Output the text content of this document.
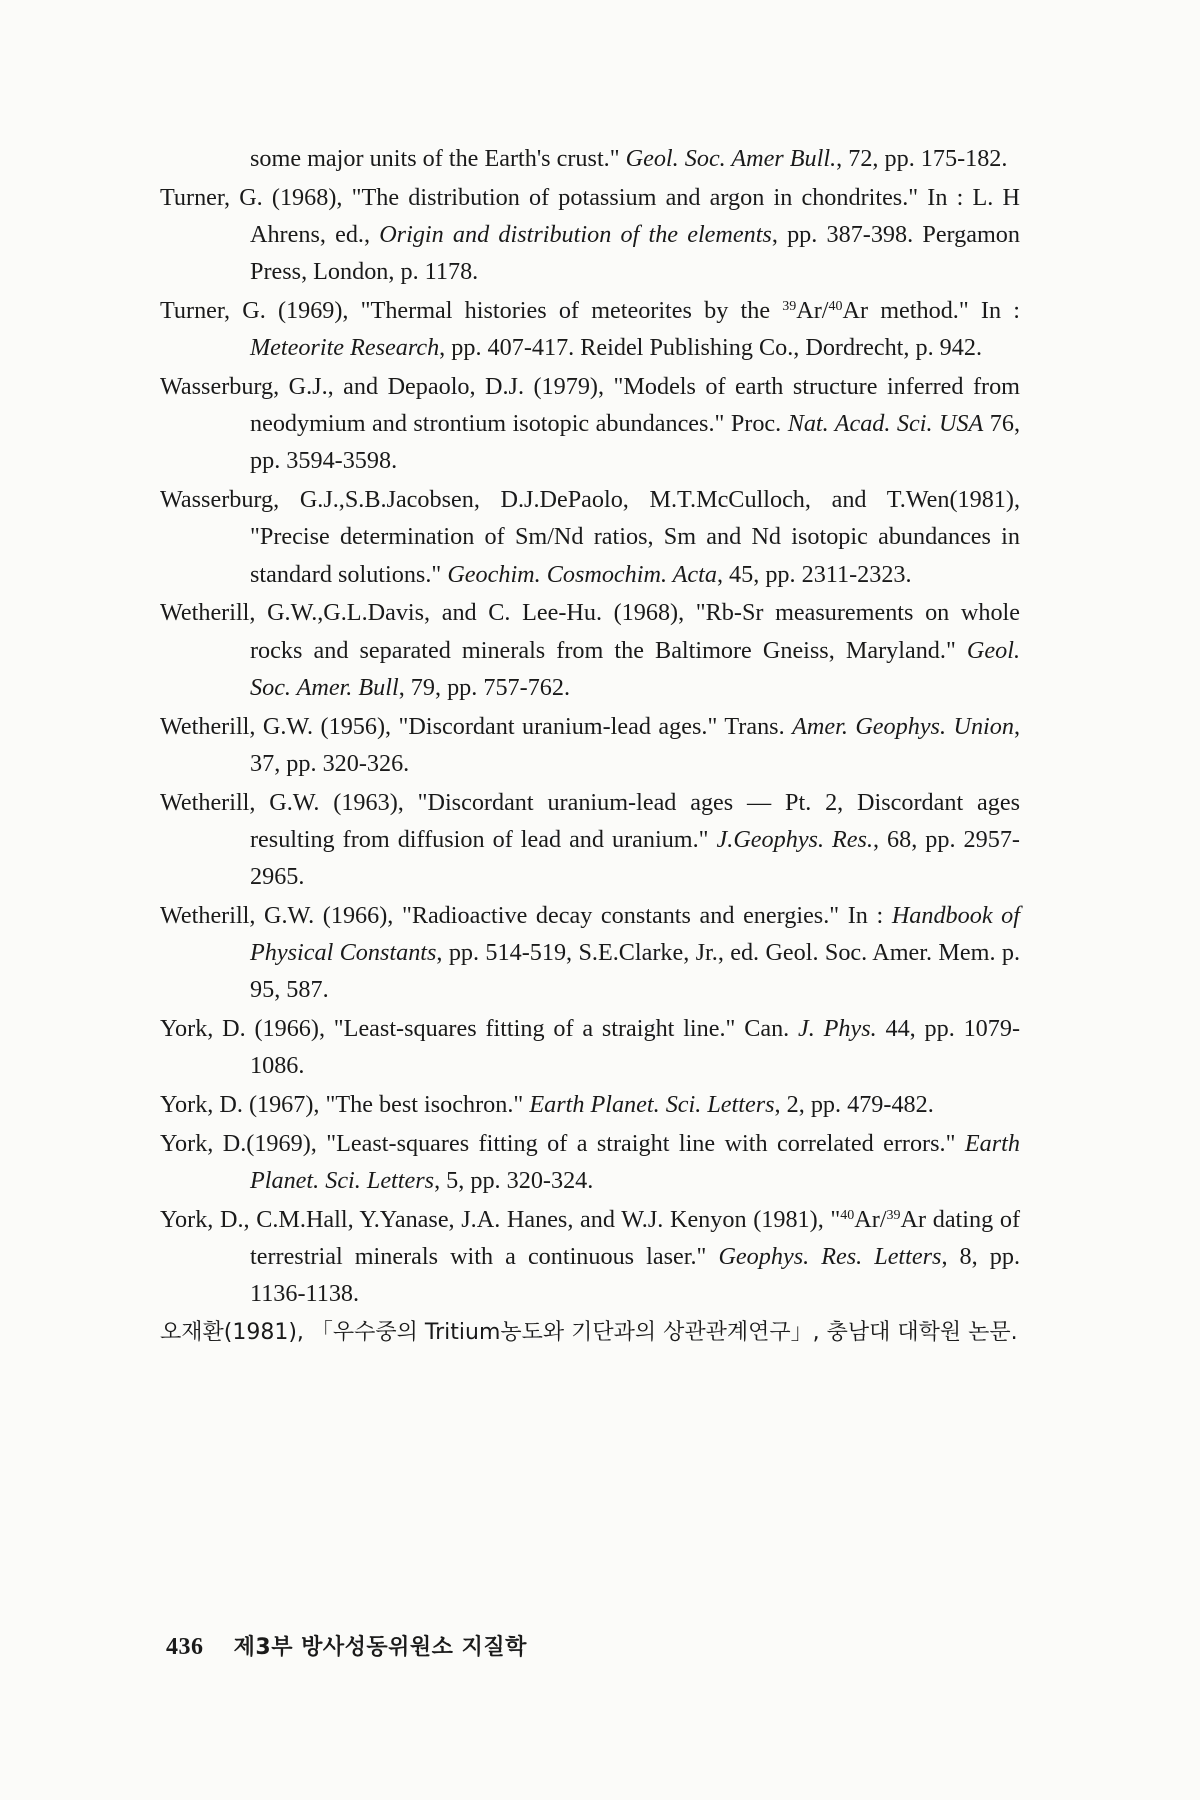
some major units of the Earth's crust." Geol. Soc. Amer Bull., 72, pp. 175-182.

Turner, G. (1968), "The distribution of potassium and argon in chondrites." In : L. H Ahrens, ed., Origin and distribution of the elements, pp. 387-398. Pergamon Press, London, p. 1178.

Turner, G. (1969), "Thermal histories of meteorites by the $^{39}$Ar/$^{40}$Ar method." In : Meteorite Research, pp. 407-417. Reidel Publishing Co., Dordrecht, p. 942.

Wasserburg, G.J., and Depaolo, D.J. (1979), "Models of earth structure inferred from neodymium and strontium isotopic abundances." Proc. Nat. Acad. Sci. USA 76, pp. 3594-3598.

Wasserburg, G.J.,S.B.Jacobsen, D.J.DePaolo, M.T.McCulloch, and T.Wen(1981), "Precise determination of Sm/Nd ratios, Sm and Nd isotopic abundances in standard solutions." Geochim. Cosmochim. Acta, 45, pp. 2311-2323.

Wetherill, G.W.,G.L.Davis, and C. Lee-Hu. (1968), "Rb-Sr measurements on whole rocks and separated minerals from the Baltimore Gneiss, Maryland." Geol. Soc. Amer. Bull, 79, pp. 757-762.

Wetherill, G.W. (1956), "Discordant uranium-lead ages." Trans. Amer. Geophys. Union, 37, pp. 320-326.

Wetherill, G.W. (1963), "Discordant uranium-lead ages — Pt. 2, Discordant ages resulting from diffusion of lead and uranium." J.Geophys. Res., 68, pp. 2957-2965.

Wetherill, G.W. (1966), "Radioactive decay constants and energies." In : Handbook of Physical Constants, pp. 514-519, S.E.Clarke, Jr., ed. Geol. Soc. Amer. Mem. p. 95, 587.

York, D. (1966), "Least-squares fitting of a straight line." Can. J. Phys. 44, pp. 1079-1086.

York, D. (1967), "The best isochron." Earth Planet. Sci. Letters, 2, pp. 479-482.

York, D.(1969), "Least-squares fitting of a straight line with correlated errors." Earth Planet. Sci. Letters, 5, pp. 320-324.

York, D., C.M.Hall, Y.Yanase, J.A. Hanes, and W.J. Kenyon (1981), "$^{40}$Ar/$^{39}$Ar dating of terrestrial minerals with a continuous laser." Geophys. Res. Letters, 8, pp. 1136-1138.

오재환(1981), 「우수중의 Tritium농도와 기단과의 상관관계연구」, 충남대 대학원 논문.

436 제3부 방사성동위원소 지질학
